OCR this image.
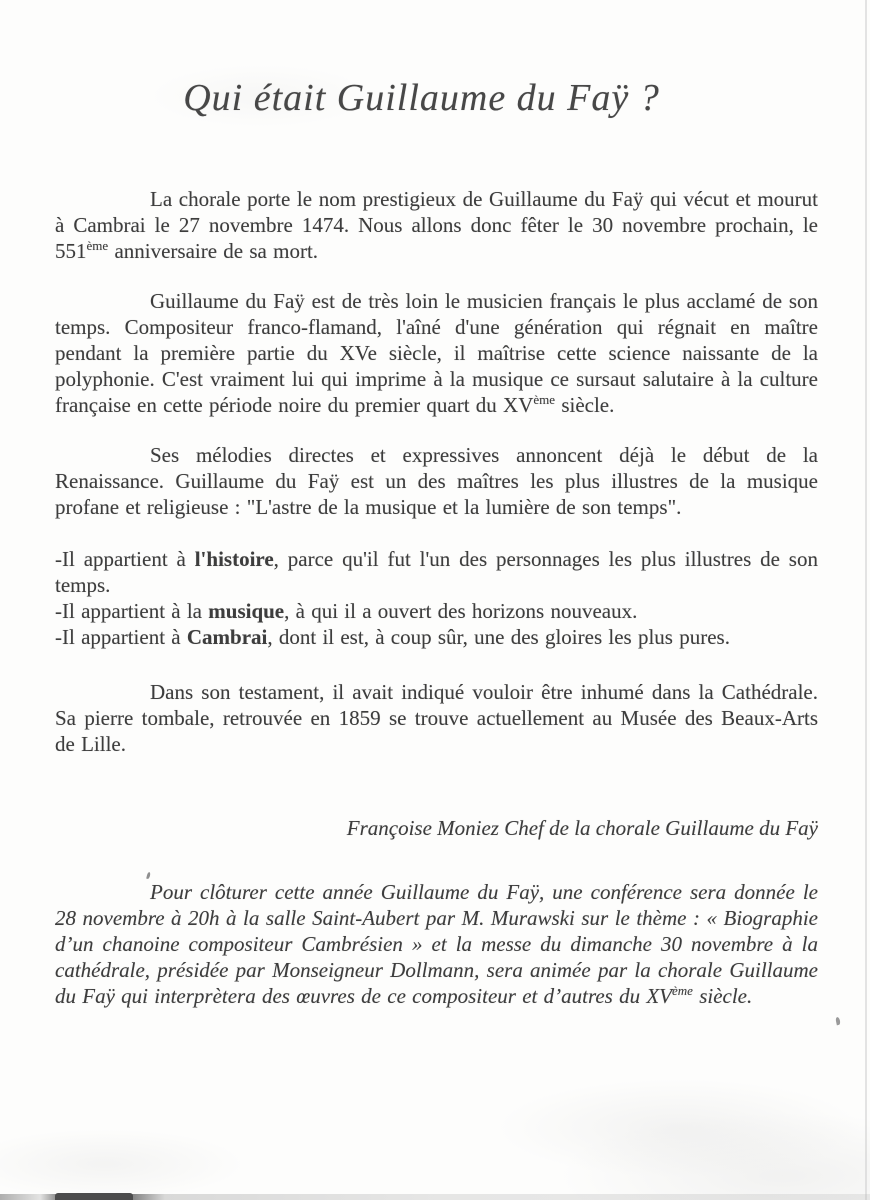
Qui était Guillaume du Faÿ ?

La chorale porte le nom prestigieux de Guillaume du Faÿ qui vécut et mourut à Cambrai le 27 novembre 1474. Nous allons donc fêter le 30 novembre prochain, le 551ème anniversaire de sa mort.

Guillaume du Faÿ est de très loin le musicien français le plus acclamé de son temps. Compositeur franco-flamand, l'aîné d'une génération qui régnait en maître pendant la première partie du XVe siècle, il maîtrise cette science naissante de la polyphonie. C'est vraiment lui qui imprime à la musique ce sursaut salutaire à la culture française en cette période noire du premier quart du XVème siècle.

Ses mélodies directes et expressives annoncent déjà le début de la Renaissance. Guillaume du Faÿ est un des maîtres les plus illustres de la musique profane et religieuse : "L'astre de la musique et la lumière de son temps".

-Il appartient à l'histoire, parce qu'il fut l'un des personnages les plus illustres de son temps.

-Il appartient à la musique, à qui il a ouvert des horizons nouveaux.

-Il appartient à Cambrai, dont il est, à coup sûr, une des gloires les plus pures.

Dans son testament, il avait indiqué vouloir être inhumé dans la Cathédrale. Sa pierre tombale, retrouvée en 1859 se trouve actuellement au Musée des Beaux-Arts de Lille.

Françoise Moniez Chef de la chorale Guillaume du Faÿ

Pour clôturer cette année Guillaume du Faÿ, une conférence sera donnée le 28 novembre à 20h à la salle Saint-Aubert par M. Murawski sur le thème : « Biographie d’un chanoine compositeur Cambrésien » et la messe du dimanche 30 novembre à la cathédrale, présidée par Monseigneur Dollmann, sera animée par la chorale Guillaume du Faÿ qui interprètera des œuvres de ce compositeur et d’autres du XVème siècle.
